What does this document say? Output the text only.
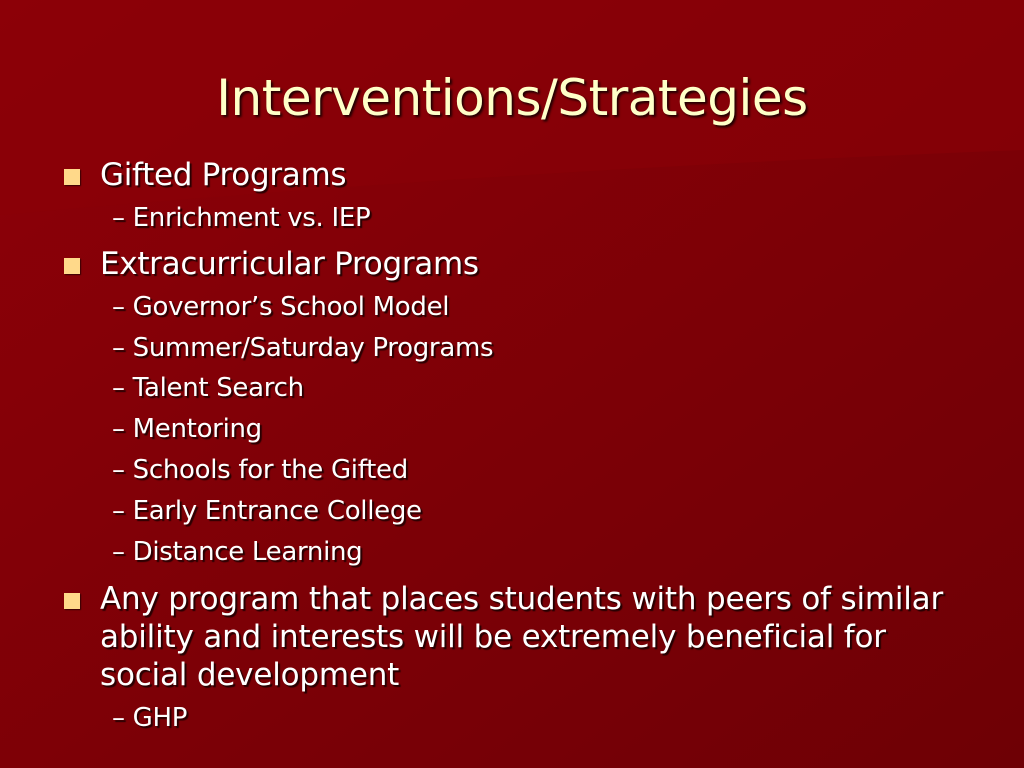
Interventions/Strategies
Gifted Programs
– Enrichment vs. IEP
Extracurricular Programs
– Governor’s School Model
– Summer/Saturday Programs
– Talent Search
– Mentoring
– Schools for the Gifted
– Early Entrance College
– Distance Learning
Any program that places students with peers of similar ability and interests will be extremely beneficial for social development
– GHP
